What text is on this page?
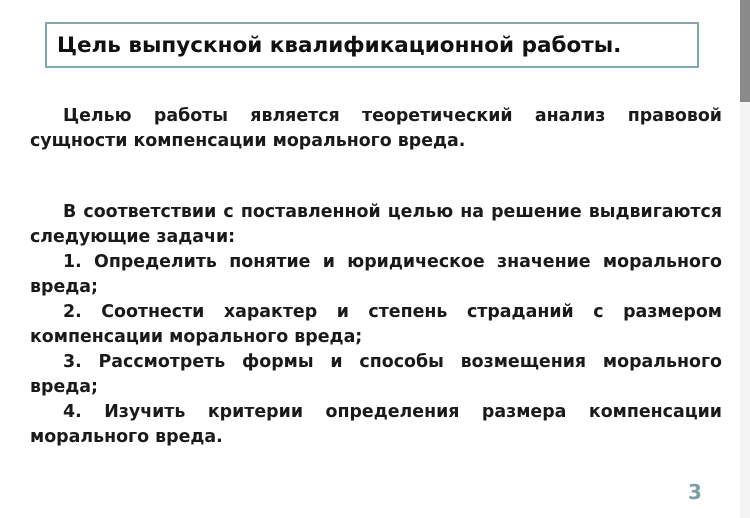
Цель выпускной квалификационной работы.

Целью работы является теоретический анализ правовой сущности компенсации морального вреда.

В соответствии с поставленной целью на решение выдвигаются следующие задачи:

1. Определить понятие и юридическое значение морального вреда;

2. Соотнести характер и степень страданий с размером компенсации морального вреда;

3. Рассмотреть формы и способы возмещения морального вреда;

4. Изучить критерии определения размера компенсации морального вреда.

3
